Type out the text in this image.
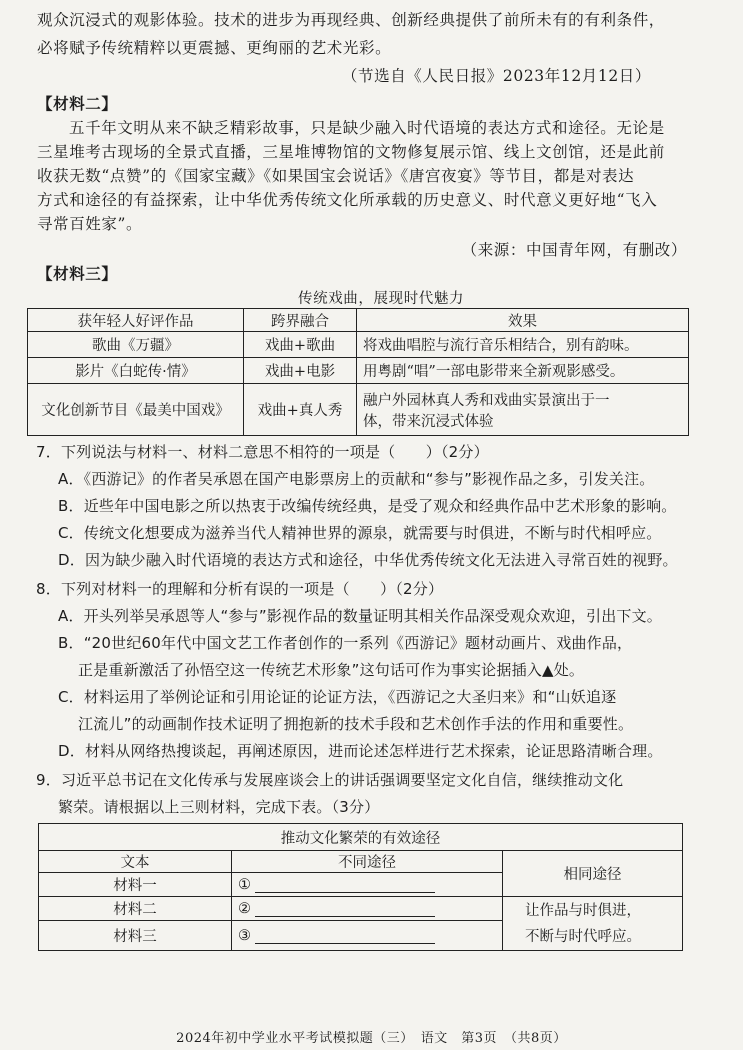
观众沉浸式的观影体验。技术的进步为再现经典、创新经典提供了前所未有的有利条件，
必将赋予传统精粹以更震撼、更绚丽的艺术光彩。
（节选自《人民日报》2023年12月12日）
【材料二】
五千年文明从来不缺乏精彩故事，只是缺少融入时代语境的表达方式和途径。无论是
三星堆考古现场的全景式直播，三星堆博物馆的文物修复展示馆、线上文创馆，还是此前
收获无数“点赞”的《国家宝藏》《如果国宝会说话》《唐宫夜宴》等节目，都是对表达
方式和途径的有益探索，让中华优秀传统文化所承载的历史意义、时代意义更好地“飞入
寻常百姓家”。
（来源：中国青年网，有删改）
【材料三】
传统戏曲，展现时代魅力
获年轻人好评作品	跨界融合	效果
歌曲《万疆》	戏曲+歌曲	将戏曲唱腔与流行音乐相结合，别有韵味。
影片《白蛇传·情》	戏曲+电影	用粤剧“唱”一部电影带来全新观影感受。
文化创新节目《最美中国戏》	戏曲+真人秀	融户外园林真人秀和戏曲实景演出于一
体，带来沉浸式体验
7．下列说法与材料一、材料二意思不相符的一项是（　　）（2分）
A．《西游记》的作者吴承恩在国产电影票房上的贡献和“参与”影视作品之多，引发关注。
B．近些年中国电影之所以热衷于改编传统经典，是受了观众和经典作品中艺术形象的影响。
C．传统文化想要成为滋养当代人精神世界的源泉，就需要与时俱进，不断与时代相呼应。
D．因为缺少融入时代语境的表达方式和途径，中华优秀传统文化无法进入寻常百姓的视野。
8．下列对材料一的理解和分析有误的一项是（　　）（2分）
A．开头列举吴承恩等人“参与”影视作品的数量证明其相关作品深受观众欢迎，引出下文。
B．“20世纪60年代中国文艺工作者创作的一系列《西游记》题材动画片、戏曲作品，
正是重新激活了孙悟空这一传统艺术形象”这句话可作为事实论据插入▲处。
C．材料运用了举例论证和引用论证的论证方法，《西游记之大圣归来》和“山妖追逐
江流儿”的动画制作技术证明了拥抱新的技术手段和艺术创作手法的作用和重要性。
D．材料从网络热搜谈起，再阐述原因，进而论述怎样进行艺术探索，论证思路清晰合理。
9．习近平总书记在文化传承与发展座谈会上的讲话强调要坚定文化自信，继续推动文化
繁荣。请根据以上三则材料，完成下表。（3分）
推动文化繁荣的有效途径		
文本	不同途径	相同途径
材料一	①	
材料二	②	让作品与时俱进，
不断与时代呼应。

材料三	③	
2024年初中学业水平考试模拟题（三）　语文　第3页　（共8页）
